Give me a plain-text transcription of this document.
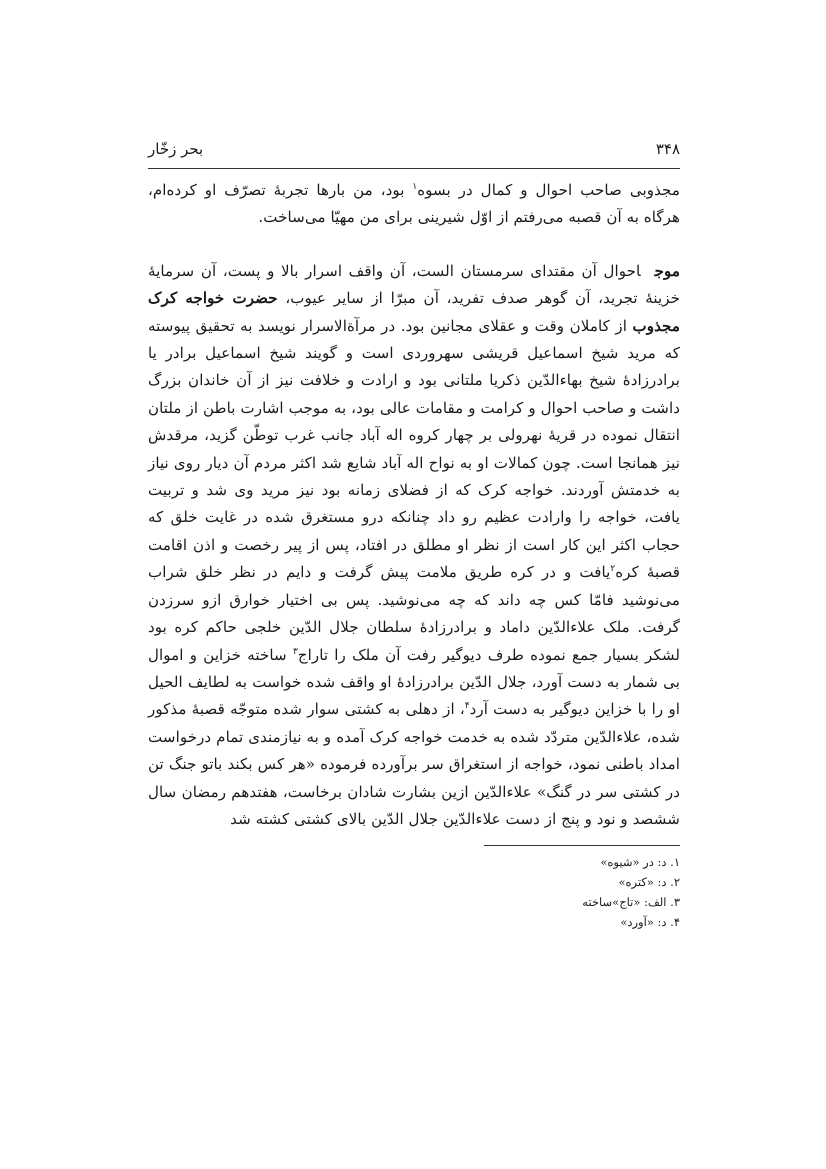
۳۴۸
بحر زخّار

مجذوبی صاحب احوال و کمال در بسوه$^۱$ بود، من بارها تجربهٔ تصرّف او کرده‌ام، هرگاه به آن قصبه می‌رفتم از اوّل شیرینی برای من مهیّا می‌ساخت.

موجاحوال آن مقتدای سرمستان الست، آن واقف اسرار بالا و پست، آن سرمایهٔ خزینهٔ تجرید، آن گوهر صدف تفرید، آن مبرّا از سایر عیوب، حضرت خواجه کرک مجذوب از کاملان وقت و عقلای مجانین بود. در مرآةالاسرار نویسد به تحقیق پیوسته که مرید شیخ اسماعیل قریشی سهروردی است و گویند شیخ اسماعیل برادر یا برادرزادهٔ شیخ بهاءالدّین ذکریا ملتانی بود و ارادت و خلافت نیز از آن خاندان بزرگ داشت و صاحب احوال و کرامت و مقامات عالی بود، به موجب اشارت باطن از ملتان انتقال نموده در قریهٔ نهرولی بر چهار کروه اله آباد جانب غرب توطّن گزید، مرقدش نیز همانجا است. چون کمالات او به نواح اله آباد شایع شد اکثر مردم آن دیار روی نیاز به خدمتش آوردند. خواجه کرک که از فضلای زمانه بود نیز مرید وی شد و تربیت یافت، خواجه را وارادت عظیم رو داد چنانکه درو مستغرق شده در غایت خلق که حجاب اکثر این کار است از نظر او مطلق در افتاد، پس از پیر رخصت و اذن اقامت قصبهٔ کره$^۲$یافت و در کره طریق ملامت پیش گرفت و دایم در نظر خلق شراب می‌نوشید فامّا کس چه داند که چه می‌نوشید. پس بی اختیار خوارق ازو سرزدن گرفت. ملک علاءالدّین داماد و برادرزادهٔ سلطان جلال الدّین خلجی حاکم کره بود لشکر بسیار جمع نموده طرف دیوگیر رفت آن ملک را تاراج$^۳$ ساخته خزاین و اموال بی شمار به دست آورد، جلال الدّین برادرزادهٔ او واقف شده خواست به لطایف الحیل او را با خزاین دیوگیر به دست آرد$^۴$، از دهلی به کشتی سوار شده متوجّه قصبهٔ مذکور شده، علاءالدّین متردّد شده به خدمت خواجه کرک آمده و به نیازمندی تمام درخواست امداد باطنی نمود، خواجه از استغراق سر برآورده فرموده «هر کس بکند باتو جنگ تن در کشتی سر در گنگ» علاءالدّین ازین بشارت شادان برخاست، هفتدهم رمضان سال ششصد و نود و پنج از دست علاءالدّین جلال الدّین بالای کشتی کشته شد

۱. د: در «شیوه»
۲. د: «کتره»
۳. الف: «تاج»ساخته
۴. د: «آورد»
